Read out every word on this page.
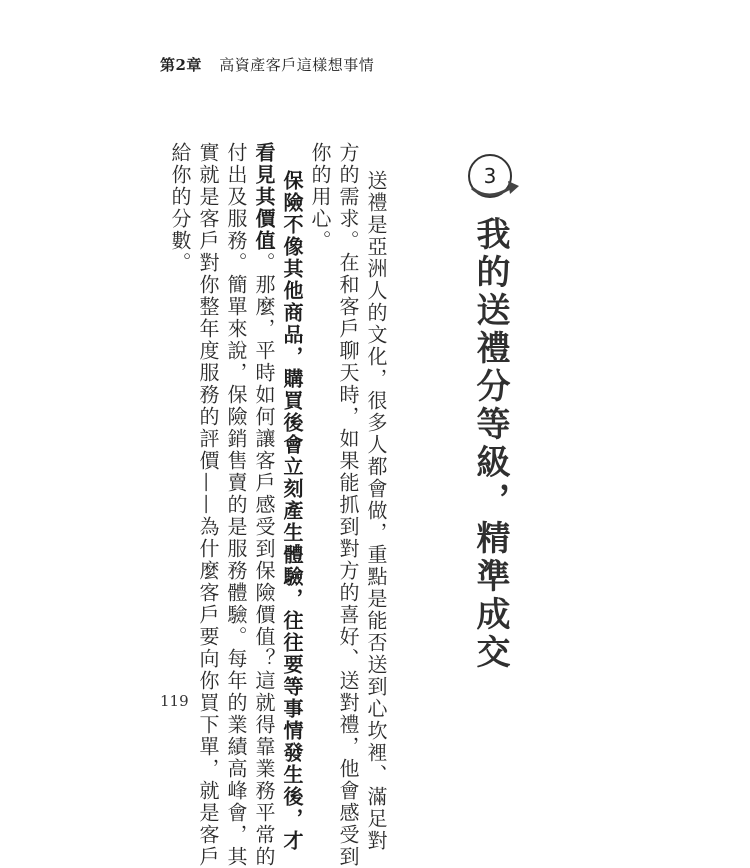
第2章 高資產客戶這樣想事情
3
我的送禮分等級，精準成交
送禮是亞洲人的文化，很多人都會做，重點是能否送到心坎裡、滿足對
方的需求。在和客戶聊天時，如果能抓到對方的喜好、送對禮，他會感受到
你的用心。
保險不像其他商品，購買後會立刻產生體驗，往往要等事情發生後，才
看見其價值。那麼，平時如何讓客戶感受到保險價值？這就得靠業務平常的
付出及服務。簡單來說，保險銷售賣的是服務體驗。每年的業績高峰會，其
實就是客戶對你整年度服務的評價——為什麼客戶要向你買下單，就是客戶
給你的分數。
119
